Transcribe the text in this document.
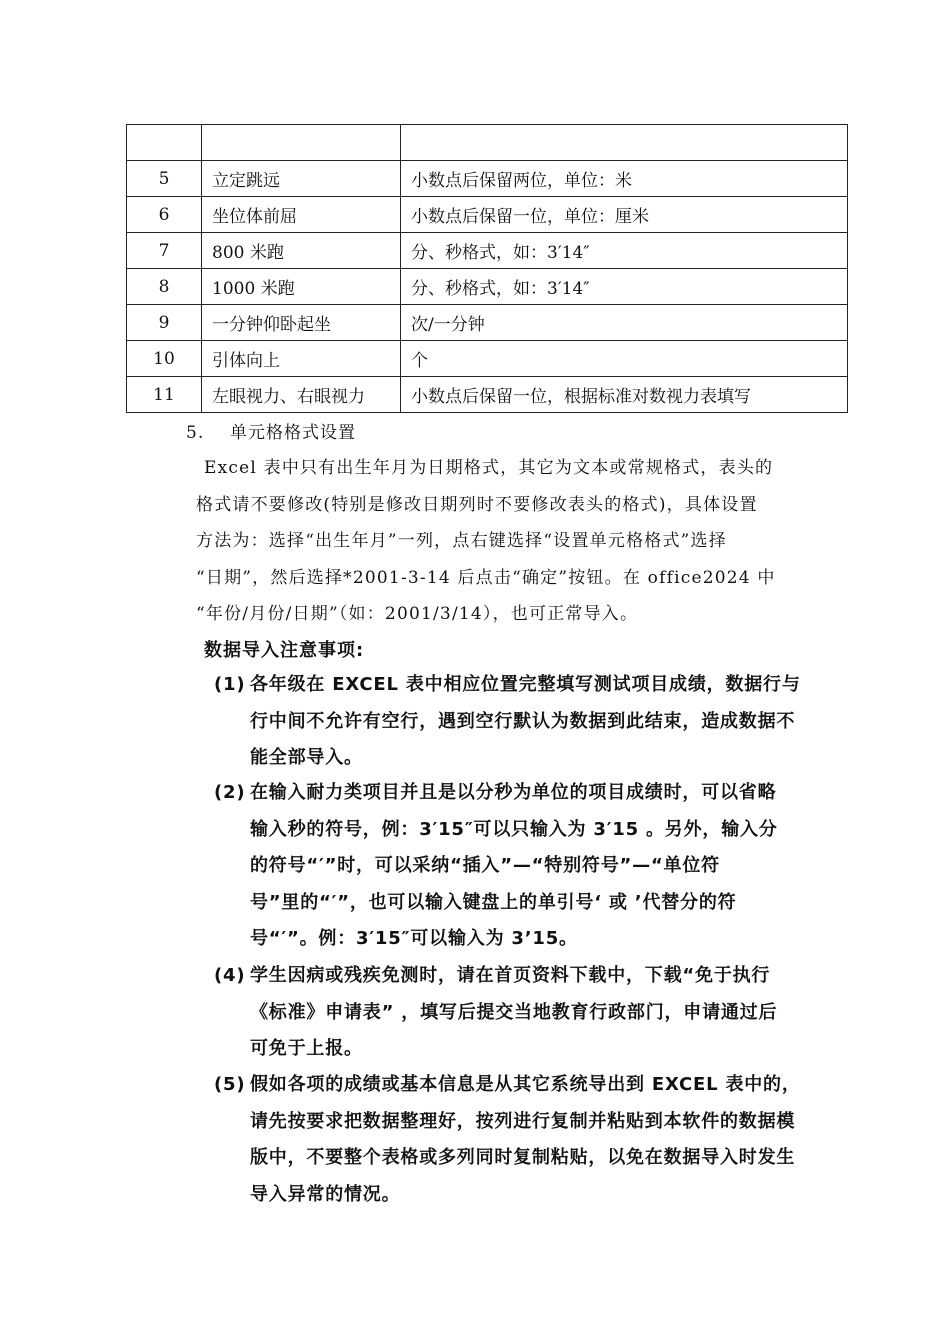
5	立定跳远	小数点后保留两位，单位：米
6	坐位体前屈	小数点后保留一位，单位：厘米
7	800 米跑	分、秒格式，如：3′14″
8	1000 米跑	分、秒格式，如：3′14″
9	一分钟仰卧起坐	次/一分钟
10	引体向上	个
11	左眼视力、右眼视力	小数点后保留一位，根据标准对数视力表填写
5. 单元格格式设置
Excel 表中只有出生年月为日期格式，其它为文本或常规格式，表头的
格式请不要修改(特别是修改日期列时不要修改表头的格式)，具体设置
方法为：选择“出生年月”一列，点右键选择“设置单元格格式”选择
“日期”，然后选择*2001-3-14 后点击“确定”按钮。在 office2024 中
“年份/月份/日期”（如：2001/3/14），也可正常导入。
数据导入注意事项:
(1) 各年级在 EXCEL 表中相应位置完整填写测试项目成绩，数据行与
行中间不允许有空行，遇到空行默认为数据到此结束，造成数据不
能全部导入。
(2) 在输入耐力类项目并且是以分秒为单位的项目成绩时，可以省略
输入秒的符号，例：3′15″可以只输入为 3′15 。另外，输入分
的符号“′”时，可以采纳“插入”—“特别符号”—“单位符
号”里的“′”，也可以输入键盘上的单引号‘ 或 ’代替分的符
号“′”。例：3′15″可以输入为 3’15。
(4) 学生因病或残疾免测时，请在首页资料下载中，下载“免于执行
《标准》申请表” ，填写后提交当地教育行政部门，申请通过后
可免于上报。
(5) 假如各项的成绩或基本信息是从其它系统导出到 EXCEL 表中的，
请先按要求把数据整理好，按列进行复制并粘贴到本软件的数据模
版中，不要整个表格或多列同时复制粘贴，以免在数据导入时发生
导入异常的情况。
